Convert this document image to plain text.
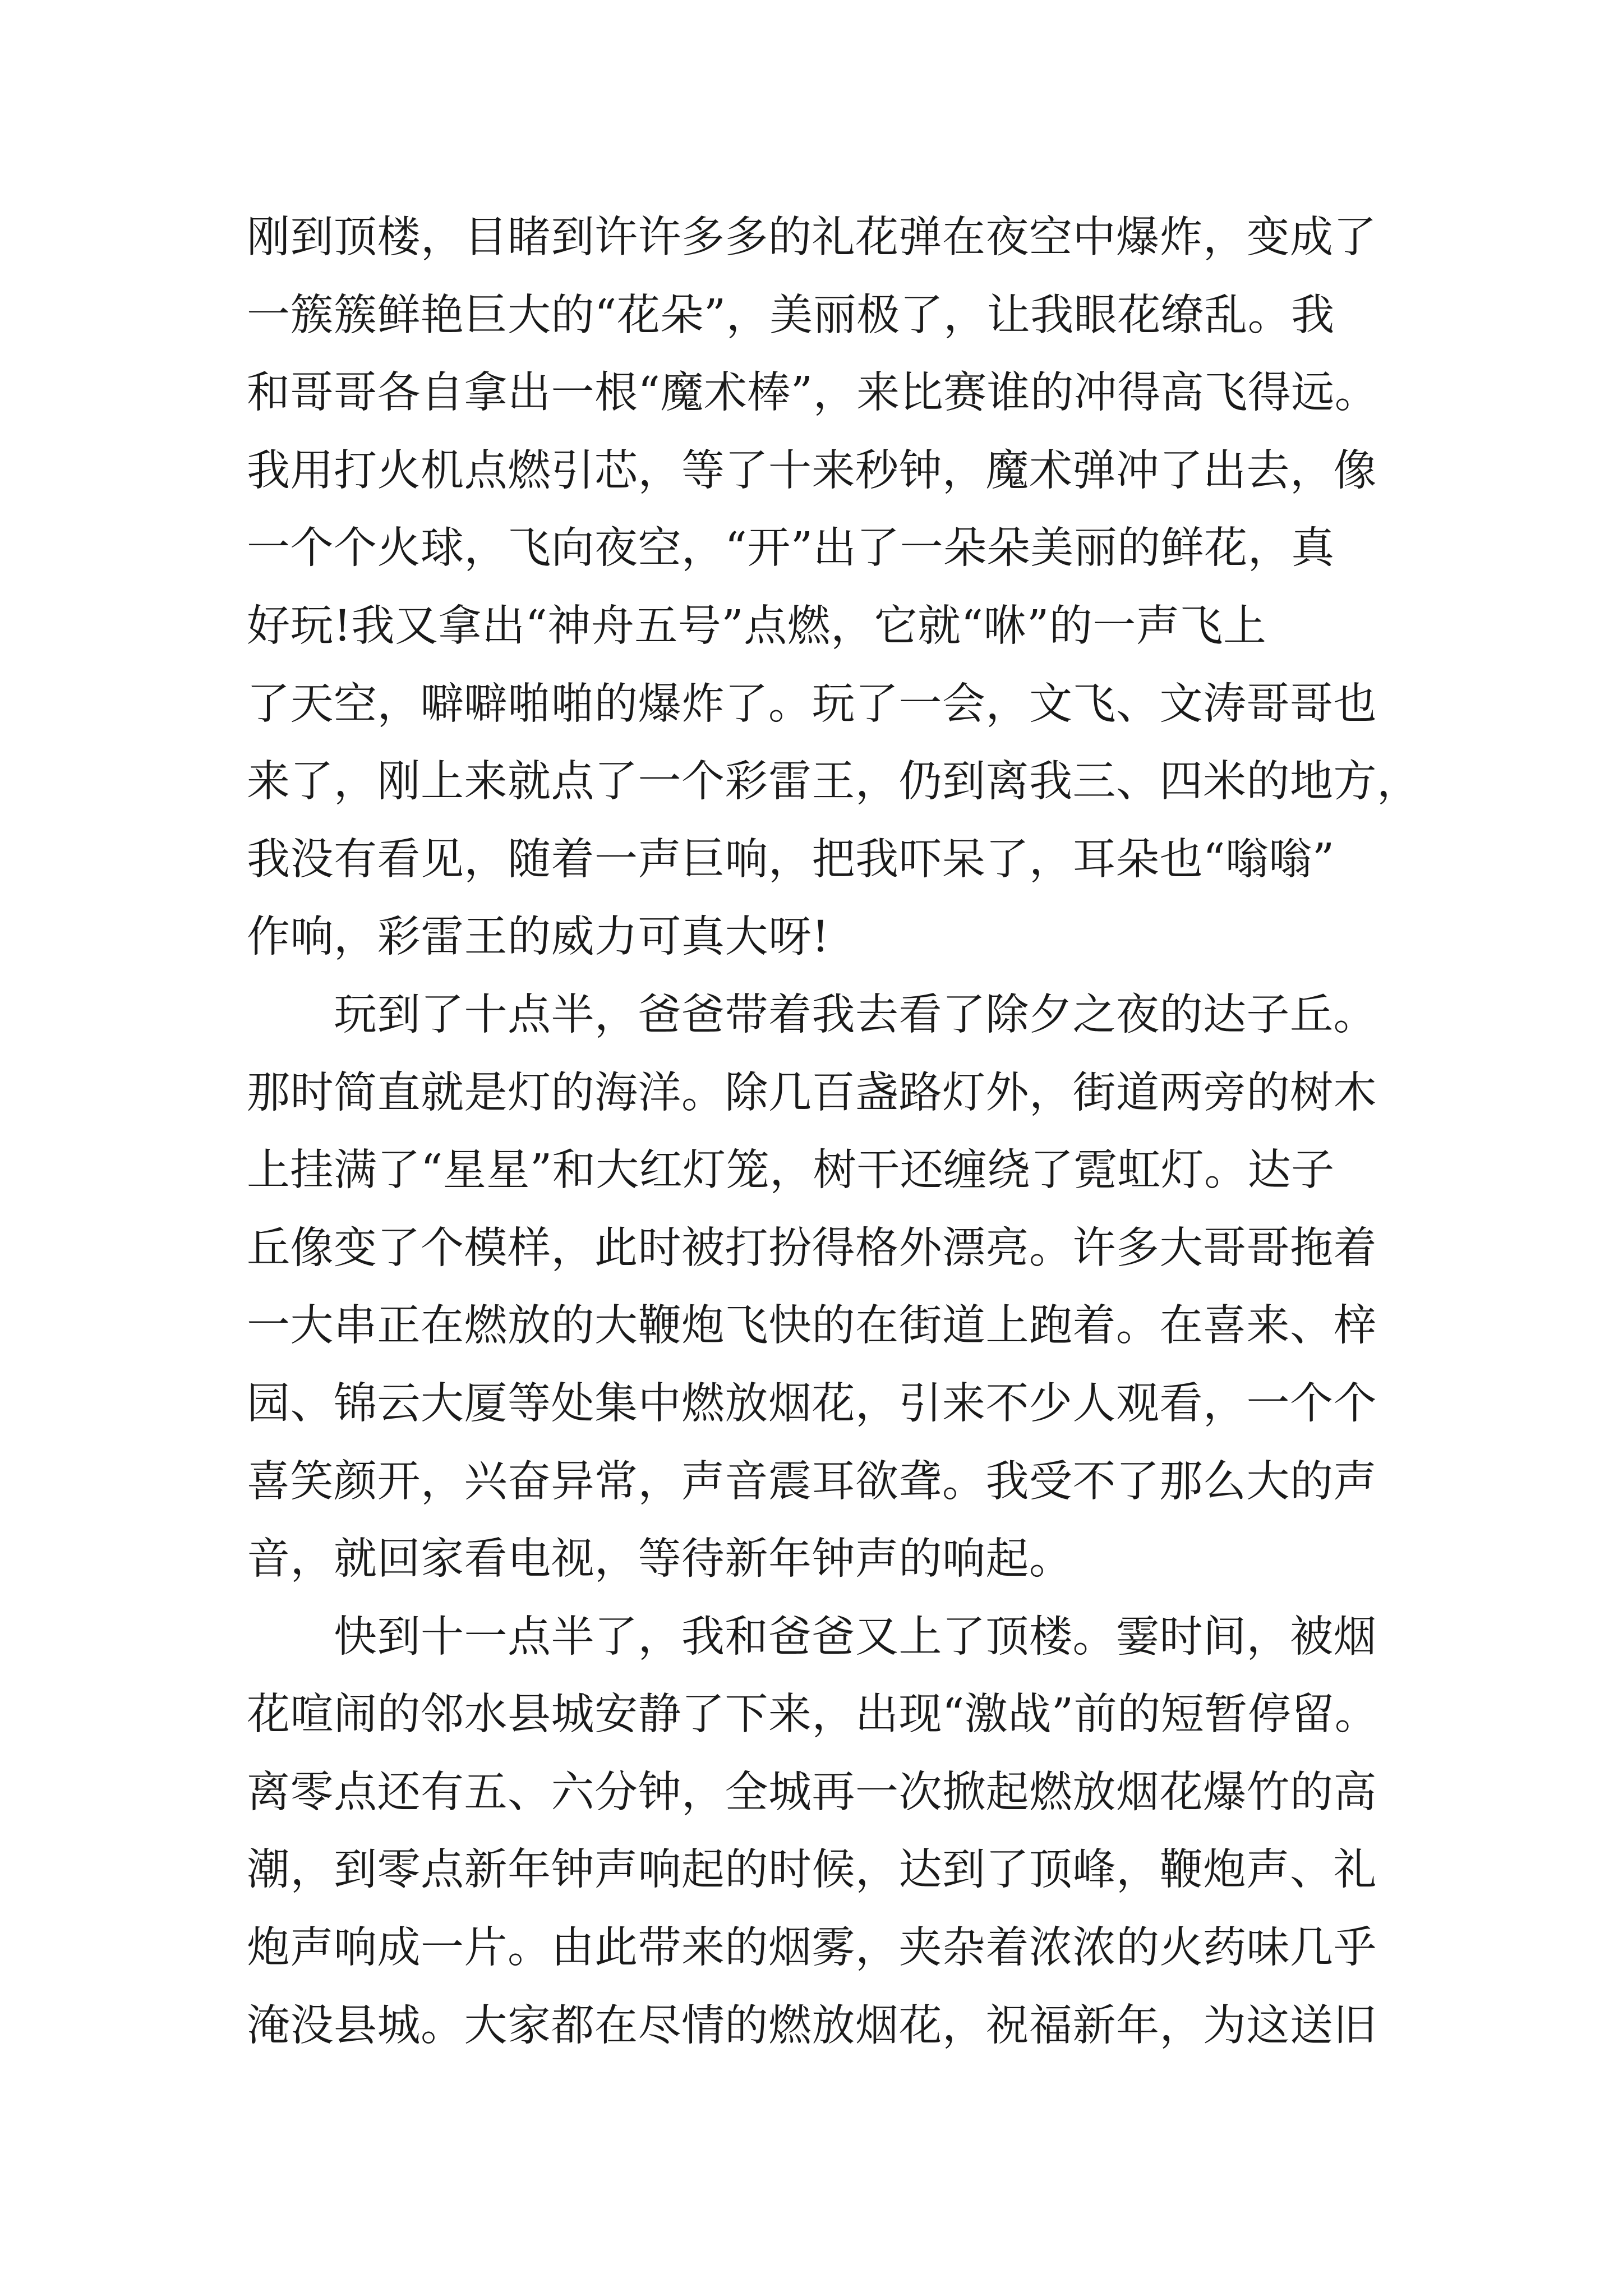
刚到顶楼，目睹到许许多多的礼花弹在夜空中爆炸，变成了
一簇簇鲜艳巨大的“花朵”，美丽极了，让我眼花缭乱。我
和哥哥各自拿出一根“魔术棒”，来比赛谁的冲得高飞得远。
我用打火机点燃引芯，等了十来秒钟，魔术弹冲了出去，像
一个个火球，飞向夜空，“开”出了一朵朵美丽的鲜花，真
好玩!我又拿出“神舟五号”点燃，它就“咻”的一声飞上
了天空，噼噼啪啪的爆炸了。玩了一会，文飞、文涛哥哥也
来了，刚上来就点了一个彩雷王，仍到离我三、四米的地方，
我没有看见，随着一声巨响，把我吓呆了，耳朵也“嗡嗡”
作响，彩雷王的威力可真大呀!
　　玩到了十点半，爸爸带着我去看了除夕之夜的达子丘。
那时简直就是灯的海洋。除几百盏路灯外，街道两旁的树木
上挂满了“星星”和大红灯笼，树干还缠绕了霓虹灯。达子
丘像变了个模样，此时被打扮得格外漂亮。许多大哥哥拖着
一大串正在燃放的大鞭炮飞快的在街道上跑着。在喜来、梓
园、锦云大厦等处集中燃放烟花，引来不少人观看，一个个
喜笑颜开，兴奋异常，声音震耳欲聋。我受不了那么大的声
音，就回家看电视，等待新年钟声的响起。
　　快到十一点半了，我和爸爸又上了顶楼。霎时间，被烟
花喧闹的邻水县城安静了下来，出现“激战”前的短暂停留。
离零点还有五、六分钟，全城再一次掀起燃放烟花爆竹的高
潮，到零点新年钟声响起的时候，达到了顶峰，鞭炮声、礼
炮声响成一片。由此带来的烟雾，夹杂着浓浓的火药味几乎
淹没县城。大家都在尽情的燃放烟花，祝福新年，为这送旧
